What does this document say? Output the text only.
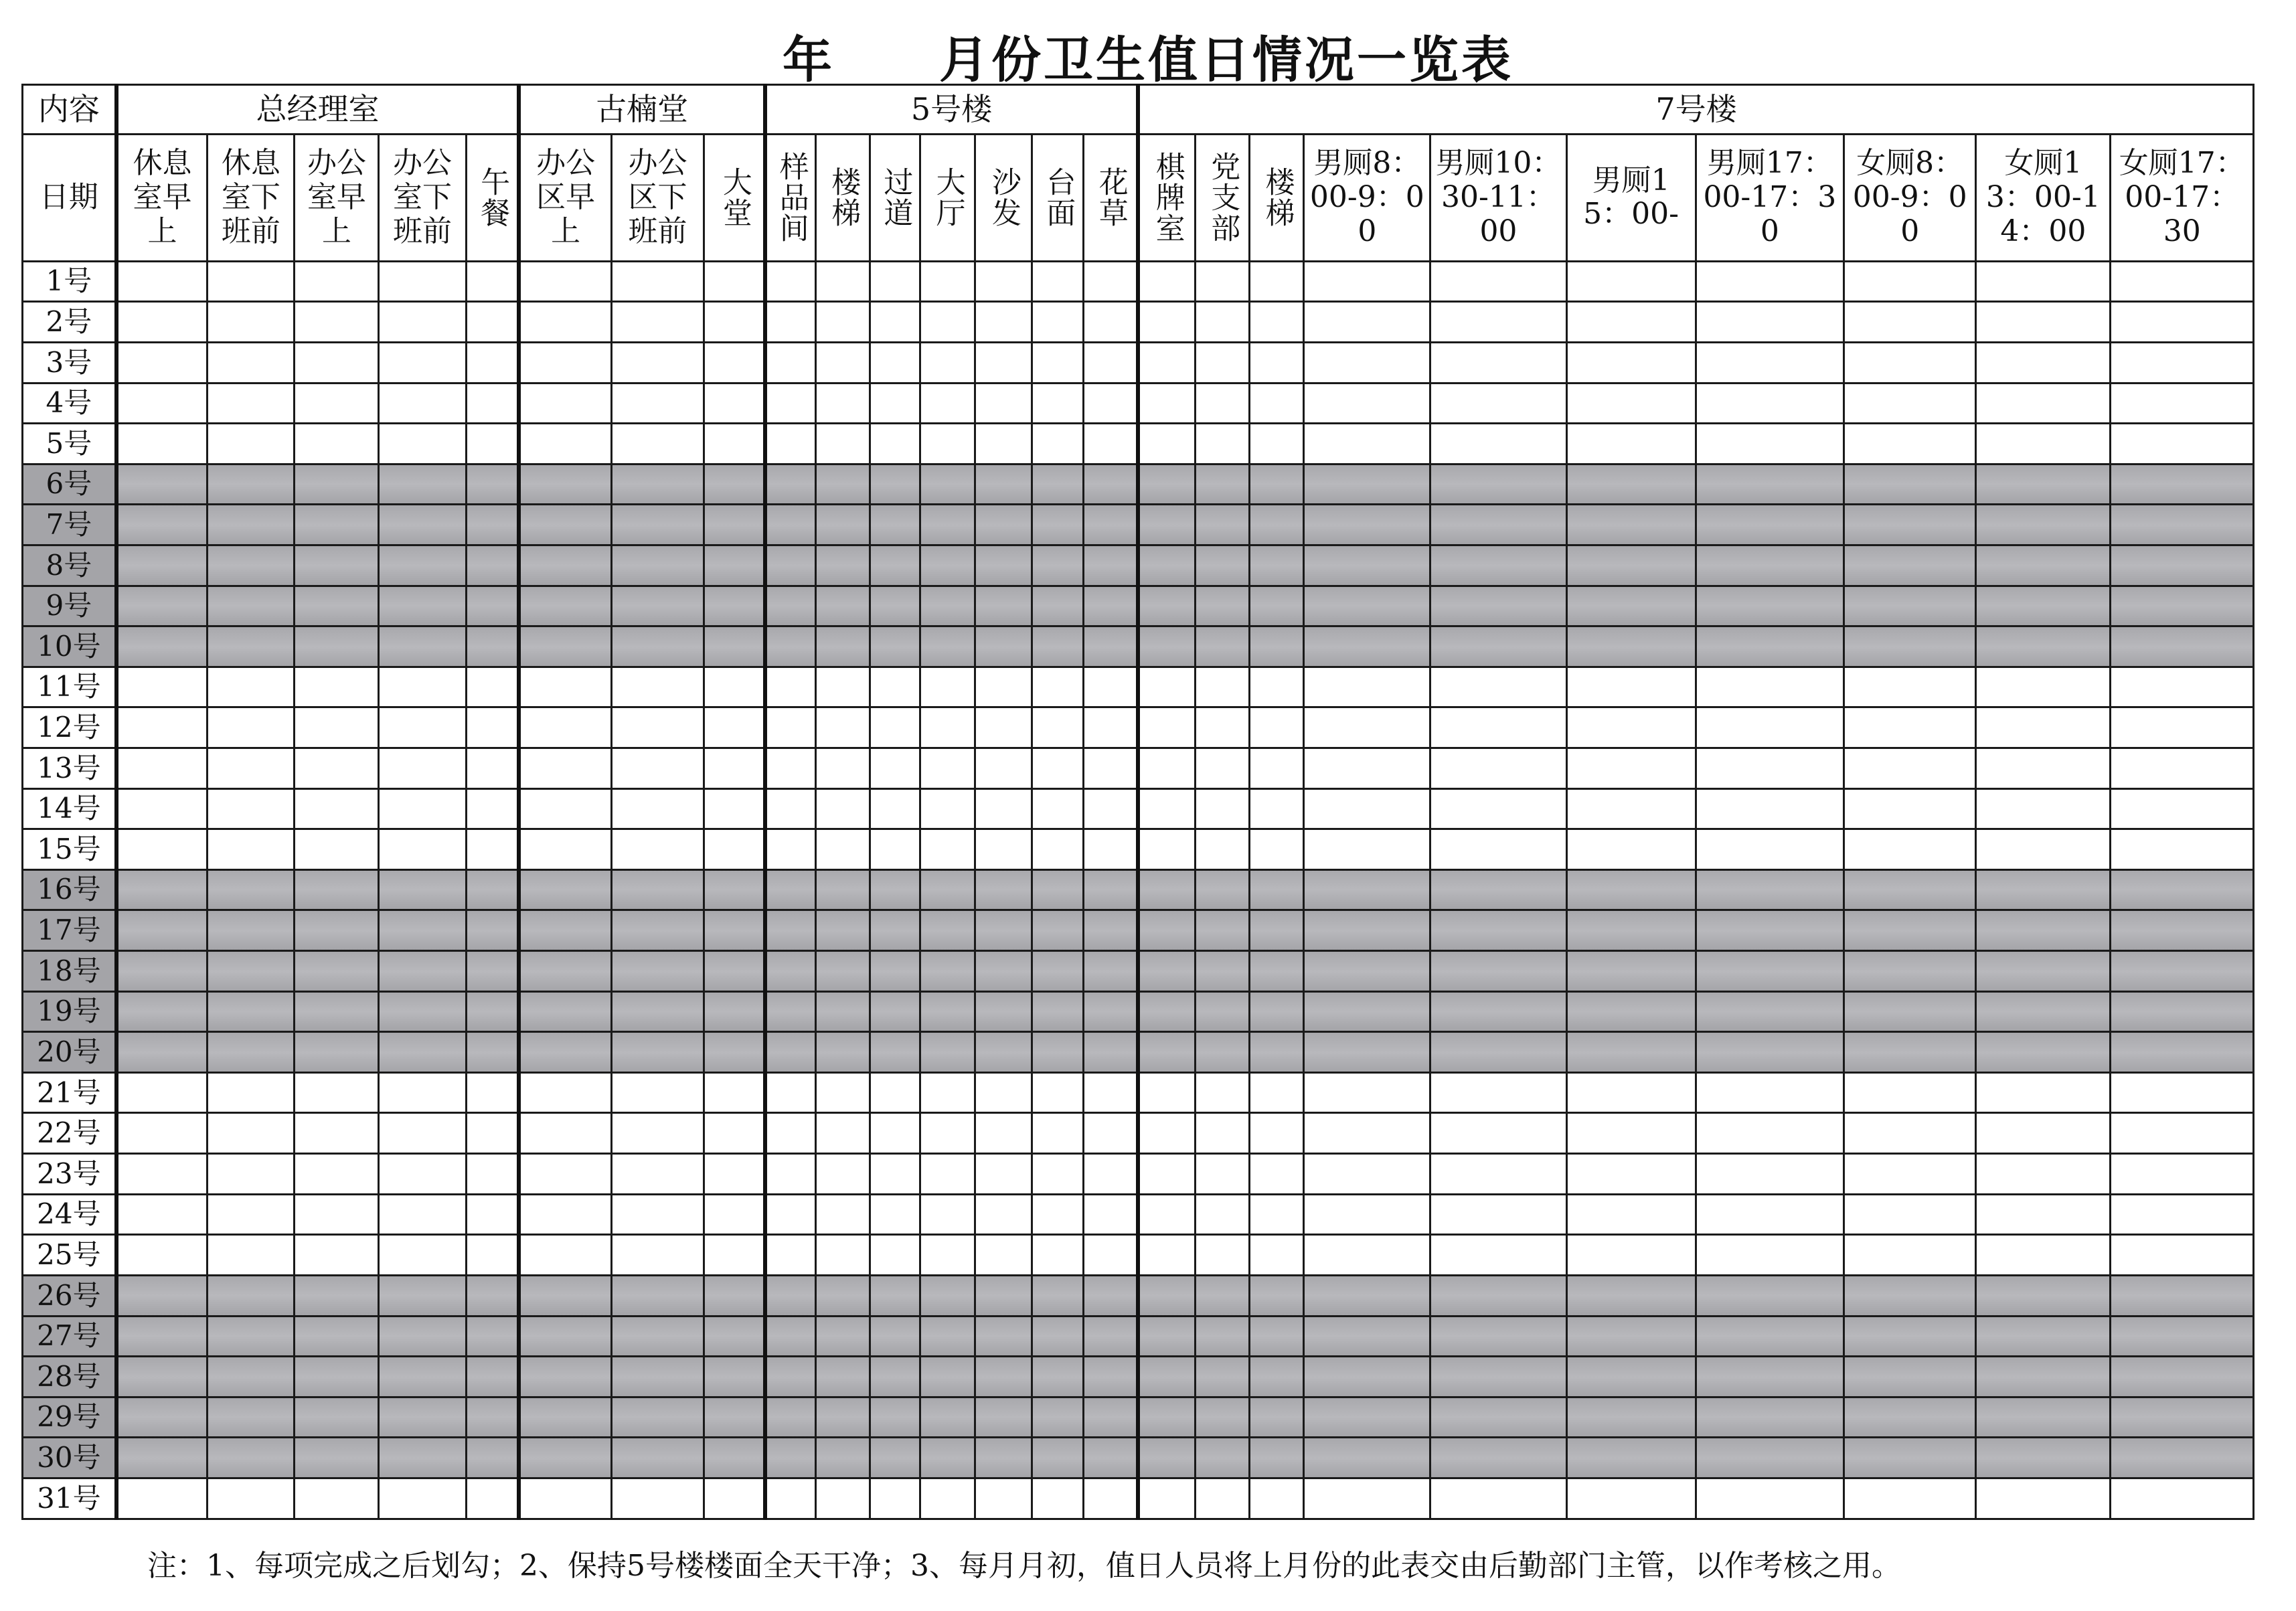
年　　月份卫生值日情况一览表
内容	总经理室					古楠堂			5号楼							7号楼									
日期	休息室早上	休息室下班前	办公室早上	办公室下班前	午餐	办公区早上	办公区下班前	大堂	样品间	楼梯	过道	大厅	沙发	台面	花草	棋牌室	党支部	楼梯	男厕8：00-9：00	男厕10：30-11：00	男厕15：00-	男厕17：00-17：30	女厕8：00-9：00	女厕13：00-14：00	女厕17：00-17：30
1号																									
2号																									
3号																									
4号																									
5号																									
6号																									
7号																									
8号																									
9号																									
10号																									
11号																									
12号																									
13号																									
14号																									
15号																									
16号																									
17号																									
18号																									
19号																									
20号																									
21号																									
22号																									
23号																									
24号																									
25号																									
26号																									
27号																									
28号																									
29号																									
30号																									
31号																									
注：1、每项完成之后划勾；2、保持5号楼楼面全天干净；3、每月月初，值日人员将上月份的此表交由后勤部门主管，以作考核之用。
